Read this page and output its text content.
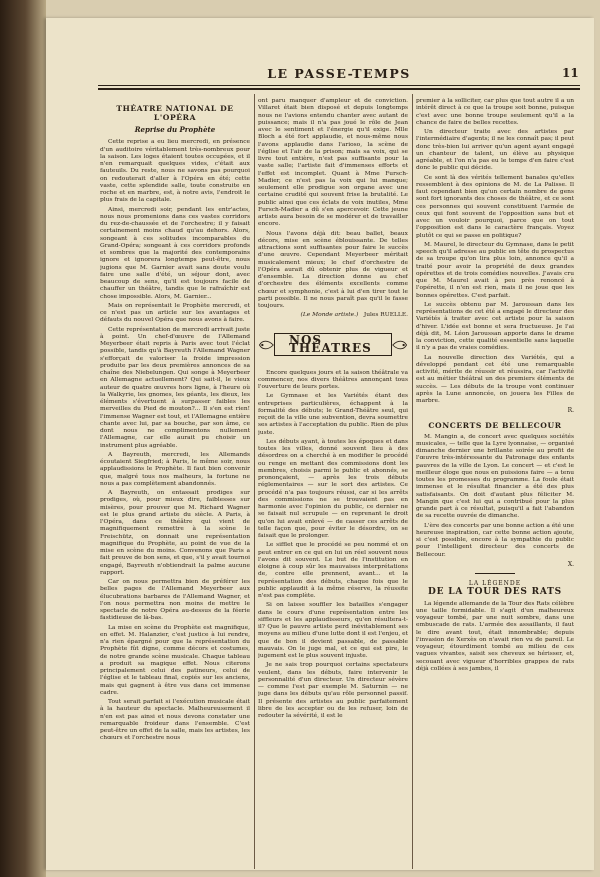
LE PASSE-TEMPS	11
THÉATRE NATIONAL DE L'OPÉRA
Reprise du Prophète

Cette reprise a eu lieu mercredi, en présence d'un auditoire véritablement très-nombreux pour la saison. Les loges étaient toutes occupées, et il n'en remarquait quelques vides, c'était aux fauteuils. Du reste, nous ne savons pas pourquoi on redouterait d'aller à l'Opéra en été; cette vaste, cette splendide salle, toute construite en roche et en marbre, est, à notre avis, l'endroit le plus frais de la capitale.

Ainsi, mercredi soir, pendant les entr'actes, nous nous promenions dans ces vastes corridors du rez-de-chaussée et de l'orchestre; il y faisait certainement moins chaud qu'au dehors. Alors, songeant à ces solitudes incomparables du Grand-Opéra; songeant à ces corridors profonds et sombres que la majorité des contemporains ignore et ignorera longtemps peut-être, nous jugions que M. Garnier avait sans doute voulu faire une salle d'été, un séjour dont, avec beaucoup de sens, qu'il est toujours facile de chauffer un théâtre, tandis que le rafraîchir est chose impossible. Alors, M. Garnier...

Mais on représentait le Prophète mercredi, et ce n'est pas un article sur les avantages et défauts du nouvel Opéra que nous avons à faire.

Cette représentation de mercredi arrivait juste à point. Un chef-d'œuvre de l'Allemand Meyerbeer était repris à Paris avec tout l'éclat possible, tandis qu'à Bayreuth l'Allemand Wagner s'efforçait de valoriser la froide impression produite par les deux premières annonces de sa chaîne des Niebelungen. Qui songe à Meyerbeer en Allemagne actuellement? Qui sait-il, le vieux auteur de quatre œuvres hors ligne, à l'heure où la Walkyrie, les gnomes, les géants, les dieux, les éléments s'évertuent à surpasser faibles les merveilles du Pied de mouton?... Il s'en est rien! l'immense Wagner est tout, et l'Allemagne entière chante avec lui, par sa bouche, par son âme, ce dont nous ne complimentons nullement l'Allemagne, car elle aurait pu choisir un instrument plus agréable.

A Bayreuth, mercredi, les Allemands écoutaient Siegfried; à Paris, le même soir, nous applaudissions le Prophète. Il faut bien convenir que, malgré tous nos malheurs, la fortune ne nous a pas complètement abandonnés.

A Bayreuth, on entassait prodiges sur prodiges, où, pour mieux dire, faiblesses sur misères, pour prouver que M. Richard Wagner est le plus grand artiste du siècle. A Paris, à l'Opéra, dans ce théâtre qui vient de magnifiquement remettre à la scène le Freischütz, on donnait une représentation magnifique du Prophète, au point de vue de la mise en scène du moins. Convenons que Paris a fait preuve de bon sens, et que, s'il y avait tournoi engagé, Bayreuth n'obtiendrait la palme aucune rapport.

Car on nous permettra bien de préférer les belles pages de l'Allemand Meyerbeer aux élucubrations barbares de l'Allemand Wagner, et l'on nous permettra non moins de mettre le spectacle de notre Opéra au-dessus de la féerie fastidieuse de là-bas.

La mise en scène du Prophète est magnifique, en effet. M. Halanzier, c'est justice à lui rendre, n'a rien épargné pour que la représentation du Prophète fût digne, comme décors et costumes, de notre grande scène musicale. Chaque tableau a produit sa magique effet. Nous citerons principalement celui des patineurs, celui de l'église et le tableau final, copiés sur les anciens, mais qui gagnent à être vus dans cet immense cadre.

Tout serait parfait si l'exécution musicale était à la hauteur du spectacle. Malheureusement il n'en est pas ainsi et nous devons constater une remarquable froideur dans l'ensemble. C'est peut-être un effet de la salle, mais les artistes, les chœurs et l'orchestre nous

ont paru manquer d'ampleur et de conviction. Villaret était bien disposé et depuis longtemps nous ne l'avions entendu chanter avec autant de puissance; mais il n'a pas joué le rôle de Jean avec le sentiment et l'énergie qu'il exige. Mlle Bloch a été fort applaudie, et nous-même nous l'avons applaudie dans l'arioso, la scène de l'église et l'air de la prison; mais sa voix, qui se livre tout entière, n'est pas suffisante pour la vaste salle; l'artiste fait d'immenses efforts et l'effet est incomplet. Quant à Mme Fursch-Madier, ce n'est pas la voix qui lui manque; seulement elle prodigue son organe avec une certaine crudité qui souvent frise la brutalité. Le public ainsi que ces éclats de voix inutiles, Mme Fursch-Madier a dû s'en apercevoir. Cette jeune artiste aura besoin de se modérer et de travailler encore.

Nous l'avons déjà dit: beau ballet, beaux décors, mise en scène éblouissante. De telles attractions sont suffisantes pour faire le succès d'une œuvre. Cependant Meyerbeer méritait musicalement mieux; le chef d'orchestre de l'Opéra aurait dû obtenir plus de vigueur et d'ensemble. La direction donne au chef d'orchestre des éléments excellents comme chœur et symphonie, c'est à lui d'en tirer tout le parti possible. Il ne nous paraît pas qu'il le fasse toujours.

(Le Monde artiste.) Jules RUELLE.
NOS THÉATRES

Encore quelques jours et la saison théâtrale va commencer, nos divers théâtres annonçant tous l'ouverture de leurs portes.

Le Gymnase et les Variétés étant des entreprises particulières, échappent à la formalité des débuts; le Grand-Théâtre seul, qui reçoit de la ville une subvention, devra soumettre ses artistes à l'acceptation du public. Rien de plus juste.

Les débuts ayant, à toutes les époques et dans toutes les villes, donné souvent lieu à des désordres on a cherché à en modifier le procédé ou renge en mettant des commissions dont les membres, choisis parmi le public et abonnés, se prononçaient, — après les trois débuts réglementaires — sur le sort des artistes. Ce procédé n'a pas toujours réussi, car si les arrêts des commissions ne se trouvaient pas en harmonie avec l'opinion du public, ce dernier ne se faisait nul scrupule — en reprenant le droit qu'on lui avait enlevé — de casser ces arrêts de telle façon que, pour éviter le désordre, on se faisait que le prolonger.

Le sifflet que le procédé se peu nommé et on peut entrer en ce qui en lui un réel souvent nous l'avons dit souvent. Le but de l'institution en éloigne à coup sûr les mauvaises interprétations de, contre elle prennent, avant... et la représentation des débuts, chaque fois que le public applaudit à la même réserve, la réussite n'est pas complète.

Si on laisse souffler les batailles s'engager dans le cours d'une représentation entre les siffleurs et les applaudisseurs, qu'en résultera-t-il? Que le pauvre artiste perd inévitablement ses moyens au milieu d'une lutte dont il est l'enjeu, et que de bon il devient passable, de passable mauvais. On le juge mal, et ce qui est pire, le jugement est le plus souvent injuste.

Je ne sais trop pourquoi certains spectateurs veulent, dans les débuts, faire intervenir le personnalité d'un directeur. Un directeur sévère — comme l'est par exemple M. Saturnin — ne juge dans les débuts qu'au rôle personnel passif. Il présente des artistes au public parfaitement libre de les accepter ou de les refuser, loin de redouter la sévérité, il est le

premier à la solliciter, car plus que tout autre il a un intérêt direct à ce que la troupe soit bonne, puisque c'est avec une bonne troupe seulement qu'il a la chance de faire de belles recettes.

Un directeur traite avec des artistes par l'intermédiaire d'agents; il ne les connaît pas; il peut donc très-bien lui arriver qu'un agent ayant engagé un chanteur de talent, un élève au physique agréable, et l'on n'a pas eu le temps d'en faire c'est donc le public qui décide.

Ce sont là des vérités tellement banales qu'elles ressemblent à des opinions de M. de La Palisse. Il faut cependant bien qu'un certain nombre de gens sont fort ignorants des choses de théâtre, et ce sont ces personnes qui souvent constituent l'armée de ceux qui font souvent de l'opposition sans but et avec un vouloir pourquoi, parce que on tout l'opposition est dans le caractère français. Voyez plutôt ce qui se passe en politique?

M. Maurel, le directeur du Gymnase, dans le petit speech qu'il adresse au public en tête du prospectus de sa troupe qu'on lira plus loin, annonce qu'il a traité pour avoir la propriété de deux grandes opérettes et de trois comédies nouvelles. J'avais cru que M. Maurel avait à peu près renoncé à l'opérette, il n'en est rien, mais il ne joue que les bonnes opérettes. C'est parfait.

Le succès obtenu par M. Jaroussan dans les représentations de cet été a engagé le directeur des Variétés à traiter avec cet artiste pour la saison d'hiver. L'idée est bonne et sera fructueuse. Je l'ai déjà dit, M. Léon Jaroussan apporte dans le drame la conviction, cette qualité essentielle sans laquelle il n'y a pas de vraies comédies.

La nouvelle direction des Variétés, qui a développé pendant cet été une remarquable activité, mérite de réussir et réussira, car l'activité est au métier théâtral un des premiers éléments de succès. — Les débuts de la troupe vont continuer après la Lune annoncée, on jouera les Filles de marbre.

R.
CONCERTS DE BELLECOUR

M. Mangin a, de concert avec quelques sociétés musicales, — telle que la Lyre lyonnaise, — organisé dimanche dernier une brillante soirée au profit de l'œuvre très-intéressante du Patronage des enfants pauvres de la ville de Lyon. Le concert — et c'est le meilleur éloge que nous en puissions faire — a tenu toutes les promesses du programme. La foule était immense et le résultat financier a été des plus satisfaisants. On doit d'autant plus féliciter M. Mangin que c'est lui qui a contribué pour la plus grande part à ce résultat, puisqu'il a fait l'abandon de sa recette ouvrée de dimanche.

L'ère des concerts par une bonne action a été une heureuse inspiration, car cette bonne action ajoute, si c'est possible, encore à la sympathie du public pour l'intelligent directeur des concerts de Bellecour.

X.
LA LÉGENDE
DE LA TOUR DES RATS

La légende allemande de la Tour des Rats célèbre une taille formidable. Il s'agit d'un malheureux voyageur tombé, par une nuit sombre, dans une embuscade de rats. L'armée des assaillants, il faut le dire avant tout, était innombrable; depuis l'invasion de Xerxès on n'avait rien vu de pareil. Le voyageur, étourdiment tombé au milieu de ces vagues vivantes, saisit ses cheveux se hérisser, et, secouant avec vigueur d'horribles grappes de rats déjà collées à ses jambes, il
